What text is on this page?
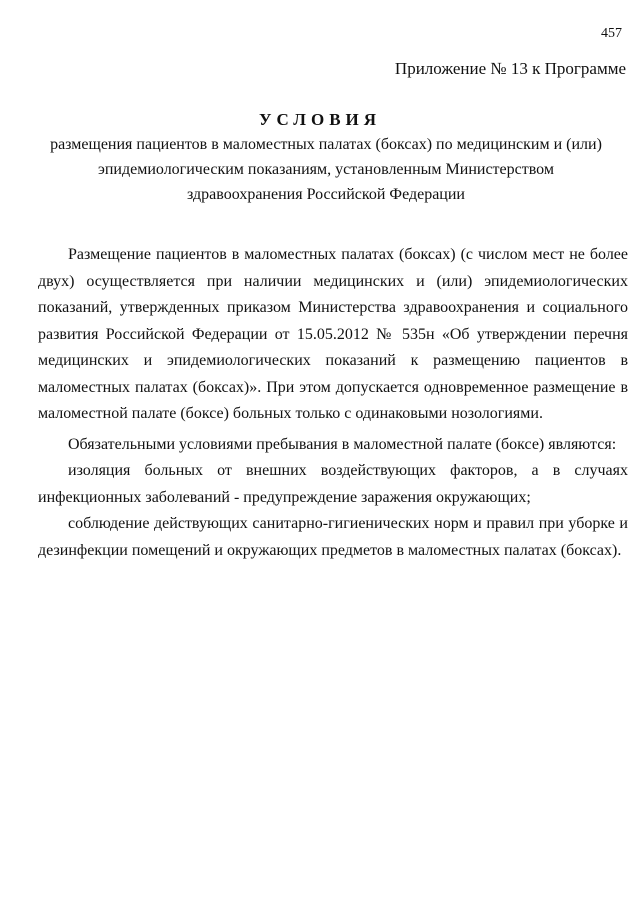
457
Приложение № 13 к Программе
УСЛОВИЯ
размещения пациентов в маломестных палатах (боксах) по медицинским и (или) эпидемиологическим показаниям, установленным Министерством здравоохранения Российской Федерации

Размещение пациентов в маломестных палатах (боксах) (с числом мест не более двух) осуществляется при наличии медицинских и (или) эпидемиологических показаний, утвержденных приказом Министерства здравоохранения и социального развития Российской Федерации от 15.05.2012 № 535н «Об утверждении перечня медицинских и эпидемиологических показаний к размещению пациентов в маломестных палатах (боксах)». При этом допускается одновременное размещение в маломестной палате (боксе) больных только с одинаковыми нозологиями.

Обязательными условиями пребывания в маломестной палате (боксе) являются:

изоляция больных от внешних воздействующих факторов, а в случаях инфекционных заболеваний - предупреждение заражения окружающих;

соблюдение действующих санитарно-гигиенических норм и правил при уборке и дезинфекции помещений и окружающих предметов в маломестных палатах (боксах).
